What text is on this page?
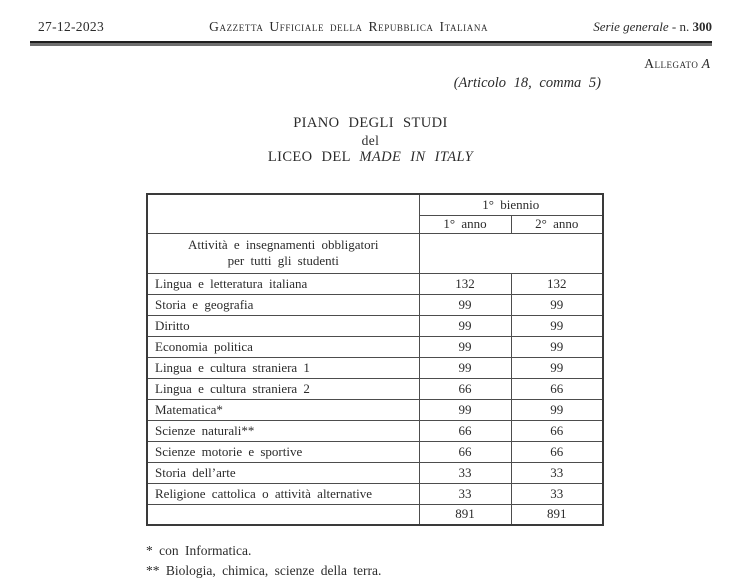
27-12-2023	Gazzetta Ufficiale della Repubblica Italiana	Serie generale - n. 300
Allegato A
(Articolo 18, comma 5)
PIANO DEGLI STUDI
del
LICEO DEL MADE IN ITALY
	1° biennio	
	1° anno	2° anno

Attività e insegnamenti obbligatori
per tutti gli studenti		

Lingua e letteratura italiana	132	132
Storia e geografia	99	99
Diritto	99	99
Economia politica	99	99
Lingua e cultura straniera 1	99	99
Lingua e cultura straniera 2	66	66
Matematica*	99	99
Scienze naturali**	66	66
Scienze motorie e sportive	66	66
Storia dell’arte	33	33
Religione cattolica o attività alternative	33	33
	891	891
* con Informatica.
** Biologia, chimica, scienze della terra.
